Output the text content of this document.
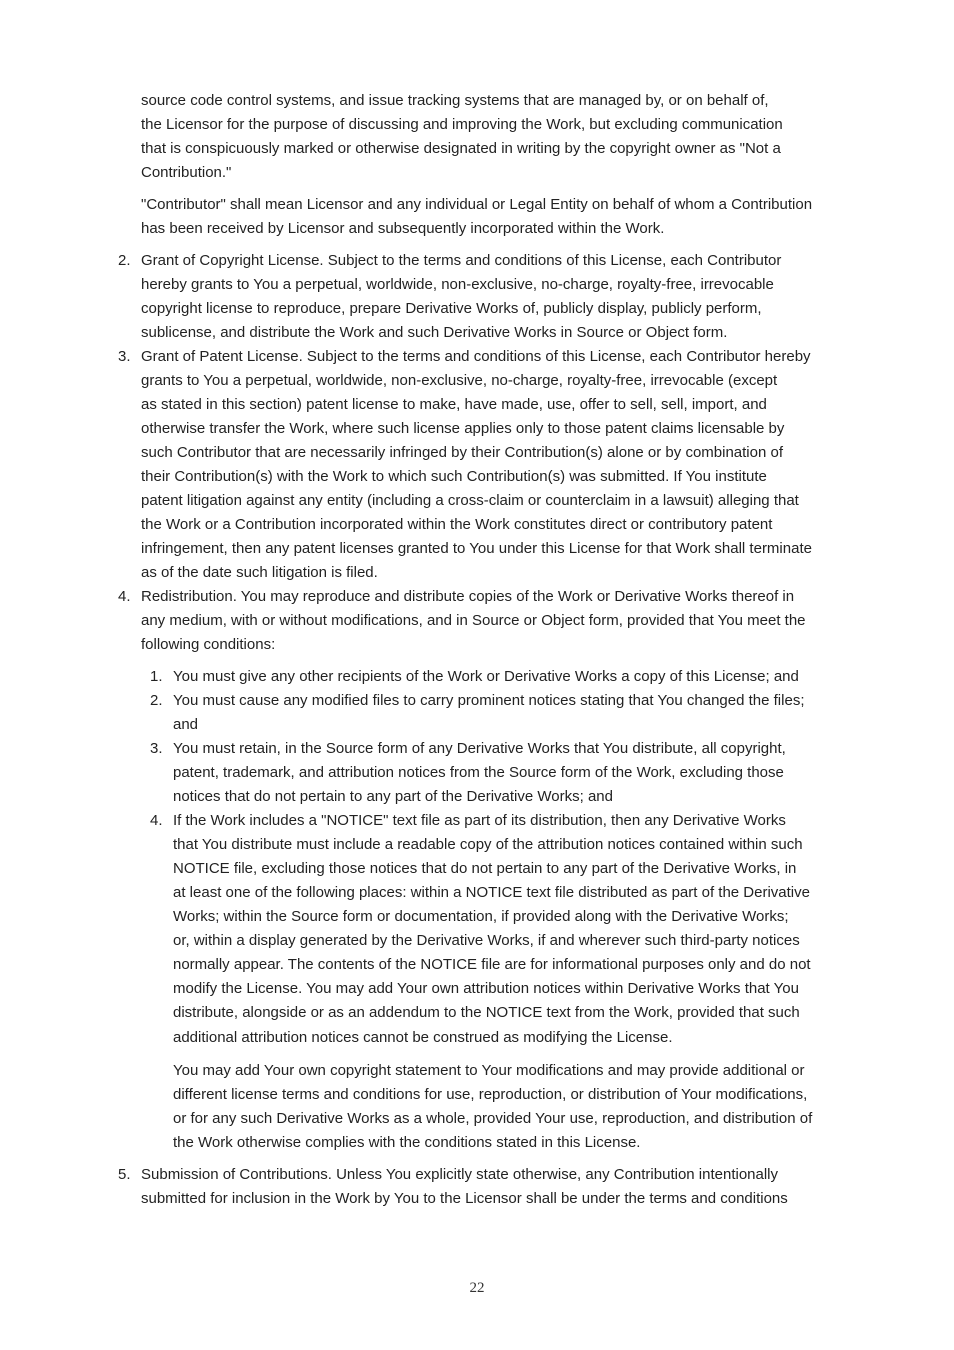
source code control systems, and issue tracking systems that are managed by, or on behalf of,
the Licensor for the purpose of discussing and improving the Work, but excluding communication
that is conspicuously marked or otherwise designated in writing by the copyright owner as "Not a
Contribution."
"Contributor" shall mean Licensor and any individual or Legal Entity on behalf of whom a Contribution
has been received by Licensor and subsequently incorporated within the Work.
2. Grant of Copyright License. Subject to the terms and conditions of this License, each Contributor
hereby grants to You a perpetual, worldwide, non-exclusive, no-charge, royalty-free, irrevocable
copyright license to reproduce, prepare Derivative Works of, publicly display, publicly perform,
sublicense, and distribute the Work and such Derivative Works in Source or Object form.
3. Grant of Patent License. Subject to the terms and conditions of this License, each Contributor hereby
grants to You a perpetual, worldwide, non-exclusive, no-charge, royalty-free, irrevocable (except
as stated in this section) patent license to make, have made, use, offer to sell, sell, import, and
otherwise transfer the Work, where such license applies only to those patent claims licensable by
such Contributor that are necessarily infringed by their Contribution(s) alone or by combination of
their Contribution(s) with the Work to which such Contribution(s) was submitted. If You institute
patent litigation against any entity (including a cross-claim or counterclaim in a lawsuit) alleging that
the Work or a Contribution incorporated within the Work constitutes direct or contributory patent
infringement, then any patent licenses granted to You under this License for that Work shall terminate
as of the date such litigation is filed.
4. Redistribution. You may reproduce and distribute copies of the Work or Derivative Works thereof in
any medium, with or without modifications, and in Source or Object form, provided that You meet the
following conditions:
1. You must give any other recipients of the Work or Derivative Works a copy of this License; and
2. You must cause any modified files to carry prominent notices stating that You changed the files;
and
3. You must retain, in the Source form of any Derivative Works that You distribute, all copyright,
patent, trademark, and attribution notices from the Source form of the Work, excluding those
notices that do not pertain to any part of the Derivative Works; and
4. If the Work includes a "NOTICE" text file as part of its distribution, then any Derivative Works
that You distribute must include a readable copy of the attribution notices contained within such
NOTICE file, excluding those notices that do not pertain to any part of the Derivative Works, in
at least one of the following places: within a NOTICE text file distributed as part of the Derivative
Works; within the Source form or documentation, if provided along with the Derivative Works;
or, within a display generated by the Derivative Works, if and wherever such third-party notices
normally appear. The contents of the NOTICE file are for informational purposes only and do not
modify the License. You may add Your own attribution notices within Derivative Works that You
distribute, alongside or as an addendum to the NOTICE text from the Work, provided that such
additional attribution notices cannot be construed as modifying the License.
You may add Your own copyright statement to Your modifications and may provide additional or
different license terms and conditions for use, reproduction, or distribution of Your modifications,
or for any such Derivative Works as a whole, provided Your use, reproduction, and distribution of
the Work otherwise complies with the conditions stated in this License.
5. Submission of Contributions. Unless You explicitly state otherwise, any Contribution intentionally
submitted for inclusion in the Work by You to the Licensor shall be under the terms and conditions
22
